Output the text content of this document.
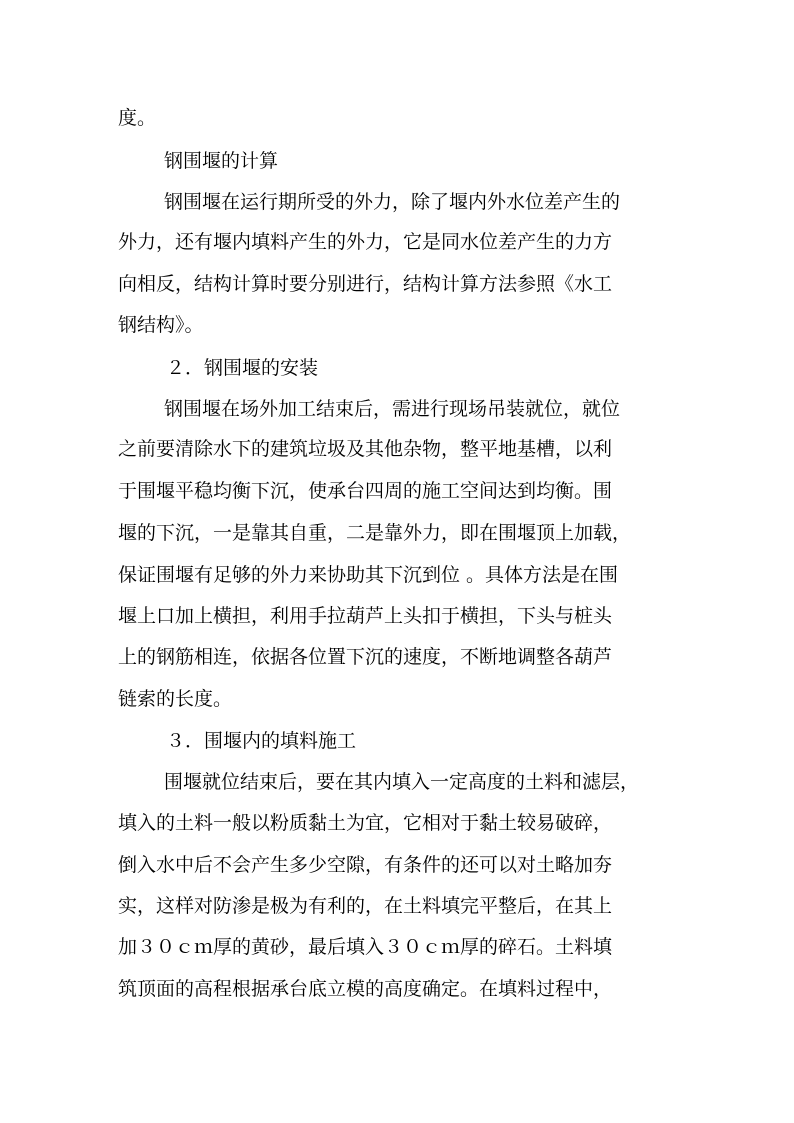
度。
钢围堰的计算
钢围堰在运行期所受的外力，除了堰内外水位差产生的
外力，还有堰内填料产生的外力，它是同水位差产生的力方
向相反，结构计算时要分别进行，结构计算方法参照《水工
钢结构》。
２．钢围堰的安装
钢围堰在场外加工结束后，需进行现场吊装就位，就位
之前要清除水下的建筑垃圾及其他杂物，整平地基槽，以利
于围堰平稳均衡下沉，使承台四周的施工空间达到均衡。围
堰的下沉，一是靠其自重，二是靠外力，即在围堰顶上加载，
保证围堰有足够的外力来协助其下沉到位 。具体方法是在围
堰上口加上横担，利用手拉葫芦上头扣于横担，下头与桩头
上的钢筋相连，依据各位置下沉的速度，不断地调整各葫芦
链索的长度。
３．围堰内的填料施工
围堰就位结束后，要在其内填入一定高度的土料和滤层，
填入的土料一般以粉质黏土为宜，它相对于黏土较易破碎，
倒入水中后不会产生多少空隙，有条件的还可以对土略加夯
实，这样对防渗是极为有利的，在土料填完平整后，在其上
加３０ｃｍ厚的黄砂，最后填入３０ｃｍ厚的碎石。土料填
筑顶面的高程根据承台底立模的高度确定。在填料过程中，
